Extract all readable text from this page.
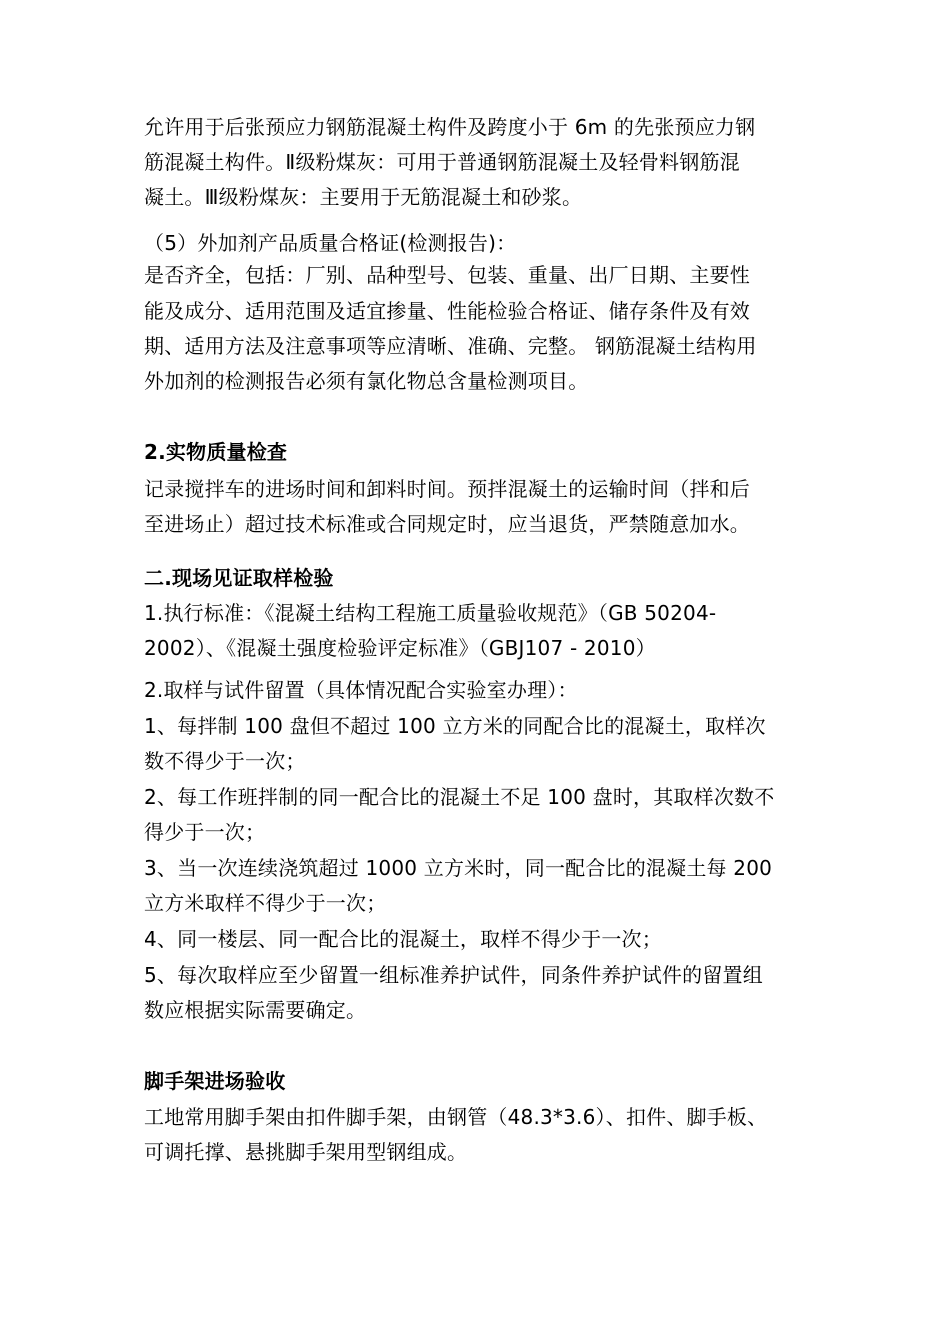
允许用于后张预应力钢筋混凝土构件及跨度小于 6m 的先张预应力钢

筋混凝土构件。Ⅱ级粉煤灰：可用于普通钢筋混凝土及轻骨料钢筋混

凝土。Ⅲ级粉煤灰：主要用于无筋混凝土和砂浆。

（5）外加剂产品质量合格证(检测报告)：

是否齐全，包括：厂别、品种型号、包装、重量、出厂日期、主要性

能及成分、适用范围及适宜掺量、性能检验合格证、储存条件及有效

期、适用方法及注意事项等应清晰、准确、完整。 钢筋混凝土结构用

外加剂的检测报告必须有氯化物总含量检测项目。

2.实物质量检查

记录搅拌车的进场时间和卸料时间。预拌混凝土的运输时间（拌和后

至进场止）超过技术标准或合同规定时，应当退货，严禁随意加水。

二.现场见证取样检验

1.执行标准：《混凝土结构工程施工质量验收规范》（GB 50204-

2002）、《混凝土强度检验评定标准》（GBJ107 - 2010）

2.取样与试件留置（具体情况配合实验室办理）：

1、每拌制 100 盘但不超过 100 立方米的同配合比的混凝土，取样次

数不得少于一次；

2、每工作班拌制的同一配合比的混凝土不足 100 盘时，其取样次数不

得少于一次；

3、当一次连续浇筑超过 1000 立方米时，同一配合比的混凝土每 200

立方米取样不得少于一次；

4、同一楼层、同一配合比的混凝土，取样不得少于一次；

5、每次取样应至少留置一组标准养护试件，同条件养护试件的留置组

数应根据实际需要确定。

脚手架进场验收

工地常用脚手架由扣件脚手架，由钢管（48.3*3.6）、扣件、脚手板、

可调托撑、悬挑脚手架用型钢组成。
